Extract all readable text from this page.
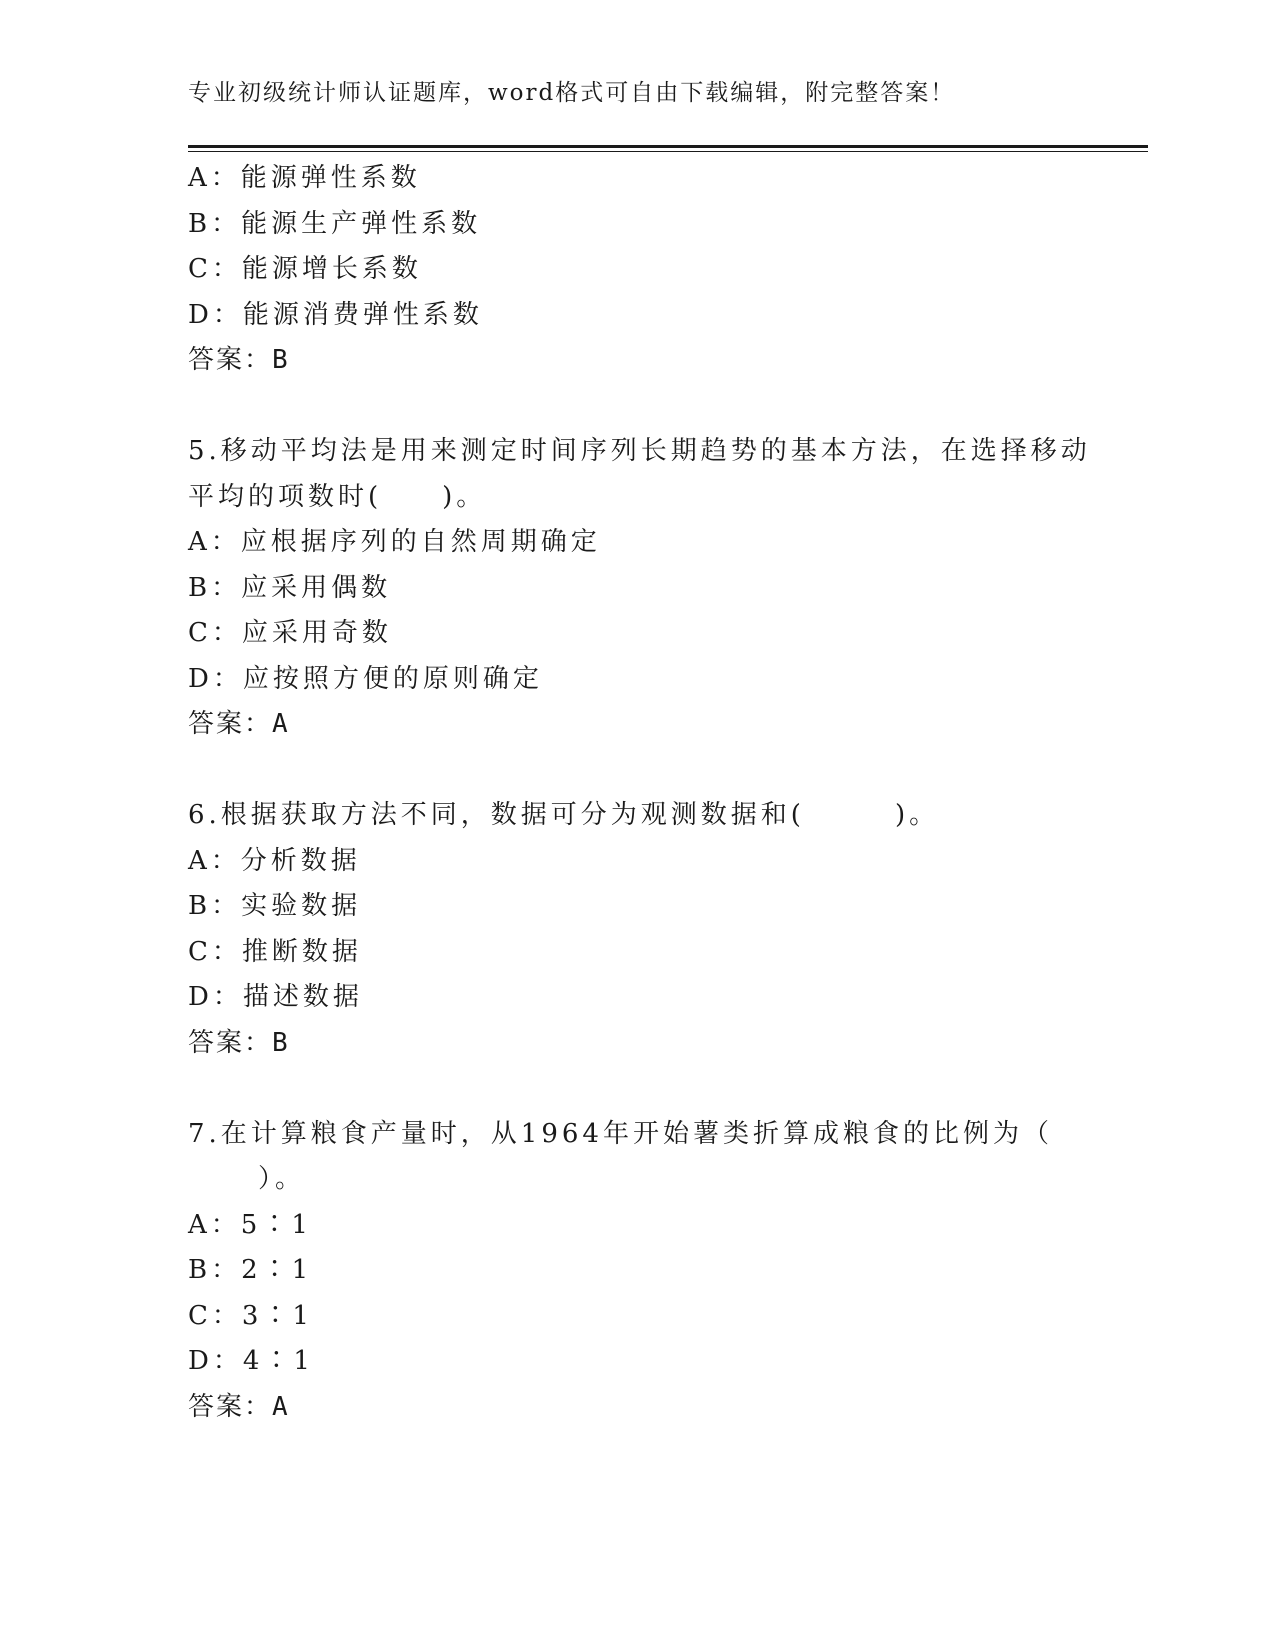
专业初级统计师认证题库，word格式可自由下载编辑，附完整答案！
A：能源弹性系数
B：能源生产弹性系数
C：能源增长系数
D：能源消费弹性系数
答案：B
5.移动平均法是用来测定时间序列长期趋势的基本方法，在选择移动
平均的项数时(　　)。
A：应根据序列的自然周期确定
B：应采用偶数
C：应采用奇数
D：应按照方便的原则确定
答案：A
6.根据获取方法不同，数据可分为观测数据和(　　　)。
A：分析数据
B：实验数据
C：推断数据
D：描述数据
答案：B
7.在计算粮食产量时，从1964年开始薯类折算成粮食的比例为（
）。
A：5∶1
B：2∶1
C：3∶1
D：4∶1
答案：A
